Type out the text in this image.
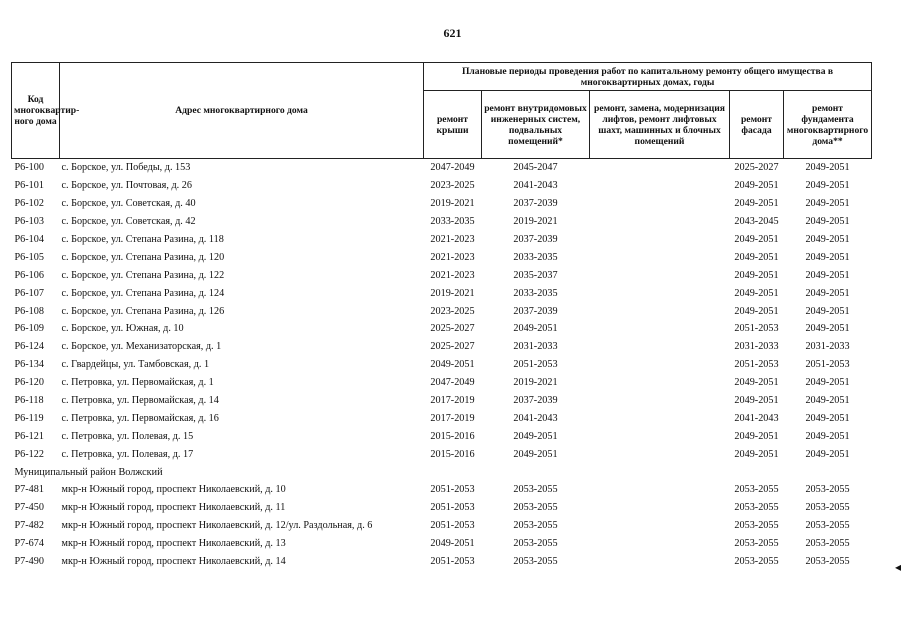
621
Код многоквартир-ного дома	Адрес многоквартирного дома	Плановые периоды проведения работ по капитальному ремонту общего имущества в многоквартирных домах, годы				
		ремонт крыши	ремонт внутридомовых инженерных систем, подвальных помещений*	ремонт, замена, модернизация лифтов, ремонт лифтовых шахт, машинных и блочных помещений	ремонт фасада	ремонт фундамента многоквартирного дома**
Р6-100	с. Борское, ул. Победы, д. 153	2047-2049	2045-2047		2025-2027	2049-2051
Р6-101	с. Борское, ул. Почтовая, д. 26	2023-2025	2041-2043		2049-2051	2049-2051
Р6-102	с. Борское, ул. Советская, д. 40	2019-2021	2037-2039		2049-2051	2049-2051
Р6-103	с. Борское, ул. Советская, д. 42	2033-2035	2019-2021		2043-2045	2049-2051
Р6-104	с. Борское, ул. Степана Разина, д. 118	2021-2023	2037-2039		2049-2051	2049-2051
Р6-105	с. Борское, ул. Степана Разина, д. 120	2021-2023	2033-2035		2049-2051	2049-2051
Р6-106	с. Борское, ул. Степана Разина, д. 122	2021-2023	2035-2037		2049-2051	2049-2051
Р6-107	с. Борское, ул. Степана Разина, д. 124	2019-2021	2033-2035		2049-2051	2049-2051
Р6-108	с. Борское, ул. Степана Разина, д. 126	2023-2025	2037-2039		2049-2051	2049-2051
Р6-109	с. Борское, ул. Южная, д. 10	2025-2027	2049-2051		2051-2053	2049-2051
Р6-124	с. Борское, ул. Механизаторская, д. 1	2025-2027	2031-2033		2031-2033	2031-2033
Р6-134	с. Гвардейцы, ул. Тамбовская, д. 1	2049-2051	2051-2053		2051-2053	2051-2053
Р6-120	с. Петровка, ул. Первомайская, д. 1	2047-2049	2019-2021		2049-2051	2049-2051
Р6-118	с. Петровка, ул. Первомайская, д. 14	2017-2019	2037-2039		2049-2051	2049-2051
Р6-119	с. Петровка, ул. Первомайская, д. 16	2017-2019	2041-2043		2041-2043	2049-2051
Р6-121	с. Петровка, ул. Полевая, д. 15	2015-2016	2049-2051		2049-2051	2049-2051
Р6-122	с. Петровка, ул. Полевая, д. 17	2015-2016	2049-2051		2049-2051	2049-2051
Муниципальный район Волжский						
Р7-481	мкр-н Южный город, проспект Николаевский, д. 10	2051-2053	2053-2055		2053-2055	2053-2055
Р7-450	мкр-н Южный город, проспект Николаевский, д. 11	2051-2053	2053-2055		2053-2055	2053-2055
Р7-482	мкр-н Южный город, проспект Николаевский, д. 12/ул. Раздольная, д. 6	2051-2053	2053-2055		2053-2055	2053-2055
Р7-674	мкр-н Южный город, проспект Николаевский, д. 13	2049-2051	2053-2055		2053-2055	2053-2055
Р7-490	мкр-н Южный город, проспект Николаевский, д. 14	2051-2053	2053-2055		2053-2055	2053-2055	◂
